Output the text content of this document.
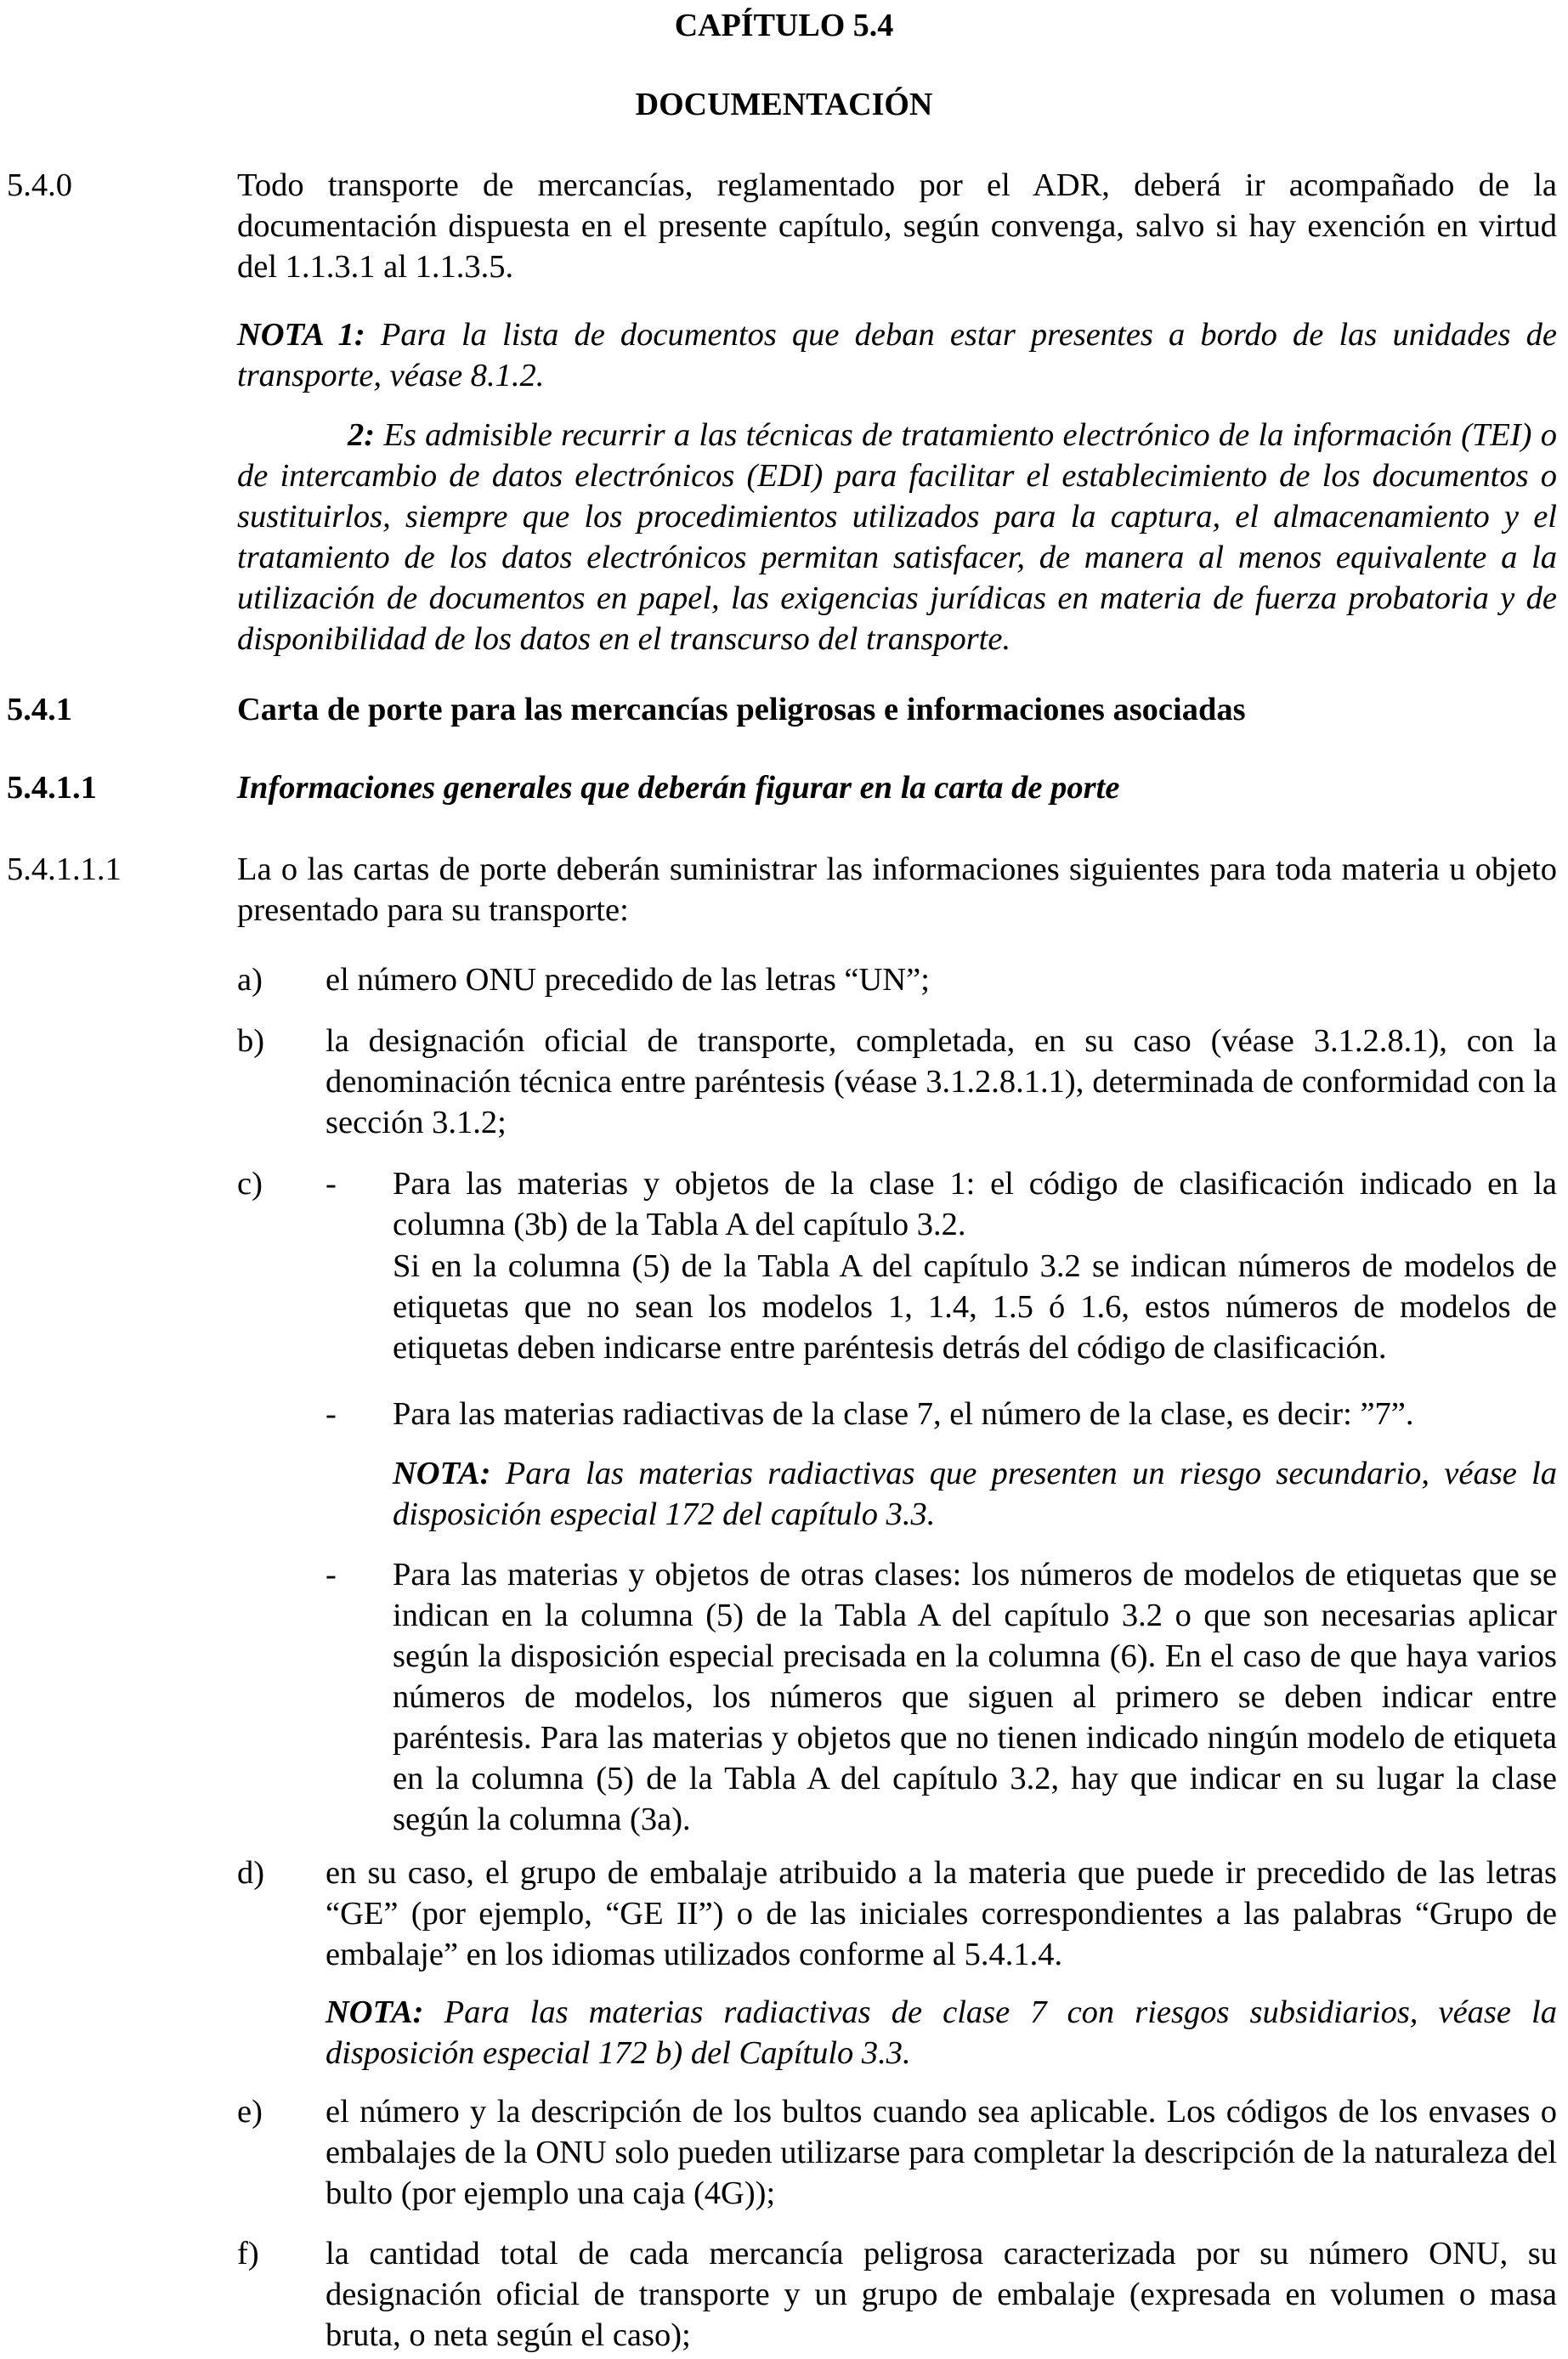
CAPÍTULO 5.4
DOCUMENTACIÓN
5.4.0	Todo transporte de mercancías, reglamentado por el ADR, deberá ir acompañado de la documentación dispuesta en el presente capítulo, según convenga, salvo si hay exención en virtud del 1.1.3.1 al 1.1.3.5.
NOTA 1: Para la lista de documentos que deban estar presentes a bordo de las unidades de transporte, véase 8.1.2.
2: Es admisible recurrir a las técnicas de tratamiento electrónico de la información (TEI) o de intercambio de datos electrónicos (EDI) para facilitar el establecimiento de los documentos o sustituirlos, siempre que los procedimientos utilizados para la captura, el almacenamiento y el tratamiento de los datos electrónicos permitan satisfacer, de manera al menos equivalente a la utilización de documentos en papel, las exigencias jurídicas en materia de fuerza probatoria y de disponibilidad de los datos en el transcurso del transporte.
5.4.1	Carta de porte para las mercancías peligrosas e informaciones asociadas
5.4.1.1	Informaciones generales que deberán figurar en la carta de porte
5.4.1.1.1	La o las cartas de porte deberán suministrar las informaciones siguientes para toda materia u objeto presentado para su transporte:
a) el número ONU precedido de las letras “UN”;
b) la designación oficial de transporte, completada, en su caso (véase 3.1.2.8.1), con la denominación técnica entre paréntesis (véase 3.1.2.8.1.1), determinada de conformidad con la sección 3.1.2;
c) - Para las materias y objetos de la clase 1: el código de clasificación indicado en la columna (3b) de la Tabla A del capítulo 3.2.
Si en la columna (5) de la Tabla A del capítulo 3.2 se indican números de modelos de etiquetas que no sean los modelos 1, 1.4, 1.5 ó 1.6, estos números de modelos de etiquetas deben indicarse entre paréntesis detrás del código de clasificación.
- Para las materias radiactivas de la clase 7, el número de la clase, es decir: ”7”.
NOTA: Para las materias radiactivas que presenten un riesgo secundario, véase la disposición especial 172 del capítulo 3.3.
- Para las materias y objetos de otras clases: los números de modelos de etiquetas que se indican en la columna (5) de la Tabla A del capítulo 3.2 o que son necesarias aplicar según la disposición especial precisada en la columna (6). En el caso de que haya varios números de modelos, los números que siguen al primero se deben indicar entre paréntesis. Para las materias y objetos que no tienen indicado ningún modelo de etiqueta en la columna (5) de la Tabla A del capítulo 3.2, hay que indicar en su lugar la clase según la columna (3a).
d) en su caso, el grupo de embalaje atribuido a la materia que puede ir precedido de las letras “GE” (por ejemplo, “GE II”) o de las iniciales correspondientes a las palabras “Grupo de embalaje” en los idiomas utilizados conforme al 5.4.1.4.
NOTA: Para las materias radiactivas de clase 7 con riesgos subsidiarios, véase la disposición especial 172 b) del Capítulo 3.3.
e) el número y la descripción de los bultos cuando sea aplicable. Los códigos de los envases o embalajes de la ONU solo pueden utilizarse para completar la descripción de la naturaleza del bulto (por ejemplo una caja (4G));
f) la cantidad total de cada mercancía peligrosa caracterizada por su número ONU, su designación oficial de transporte y un grupo de embalaje (expresada en volumen o masa bruta, o neta según el caso);
